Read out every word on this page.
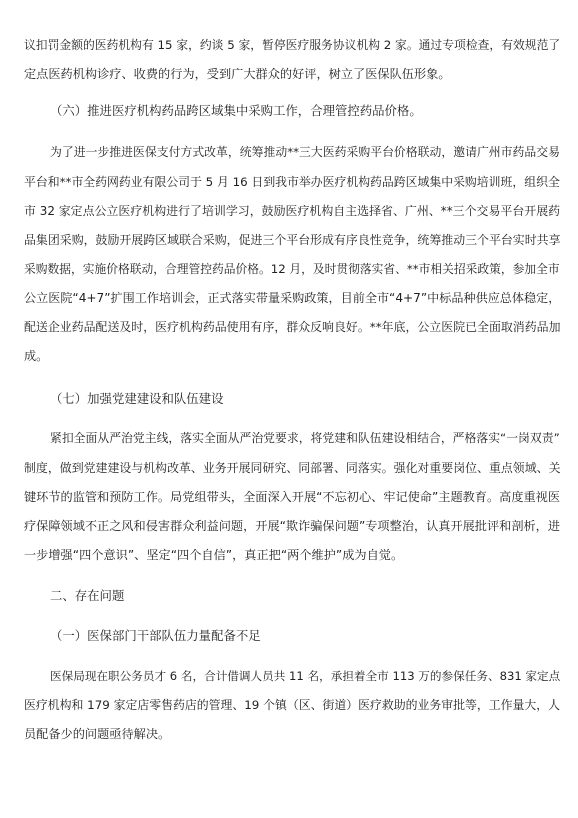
议扣罚金额的医药机构有 15 家，约谈 5 家，暂停医疗服务协议机构 2 家。通过专项检查，有效规范了
定点医药机构诊疗、收费的行为，受到广大群众的好评，树立了医保队伍形象。
（六）推进医疗机构药品跨区域集中采购工作，合理管控药品价格。
为了进一步推进医保支付方式改革，统筹推动**三大医药采购平台价格联动，邀请广州市药品交易
平台和**市全药网药业有限公司于 5 月 16 日到我市举办医疗机构药品跨区域集中采购培训班，组织全
市 32 家定点公立医疗机构进行了培训学习，鼓励医疗机构自主选择省、广州、**三个交易平台开展药
品集团采购，鼓励开展跨区域联合采购，促进三个平台形成有序良性竞争，统筹推动三个平台实时共享
采购数据，实施价格联动，合理管控药品价格。12 月，及时贯彻落实省、**市相关招采政策，参加全市
公立医院“4+7”扩围工作培训会，正式落实带量采购政策，目前全市“4+7”中标品种供应总体稳定，
配送企业药品配送及时，医疗机构药品使用有序，群众反响良好。**年底，公立医院已全面取消药品加
成。
（七）加强党建建设和队伍建设
紧扣全面从严治党主线，落实全面从严治党要求，将党建和队伍建设相结合，严格落实“一岗双责”
制度，做到党建建设与机构改革、业务开展同研究、同部署、同落实。强化对重要岗位、重点领域、关
键环节的监管和预防工作。局党组带头，全面深入开展“不忘初心、牢记使命”主题教育。高度重视医
疗保障领域不正之风和侵害群众利益问题，开展“欺诈骗保问题”专项整治，认真开展批评和剖析，进
一步增强“四个意识”、坚定“四个自信”，真正把“两个维护”成为自觉。
二、存在问题
（一）医保部门干部队伍力量配备不足
医保局现在职公务员才 6 名，合计借调人员共 11 名，承担着全市 113 万的参保任务、831 家定点
医疗机构和 179 家定店零售药店的管理、19 个镇（区、街道）医疗救助的业务审批等，工作量大，人
员配备少的问题亟待解决。
